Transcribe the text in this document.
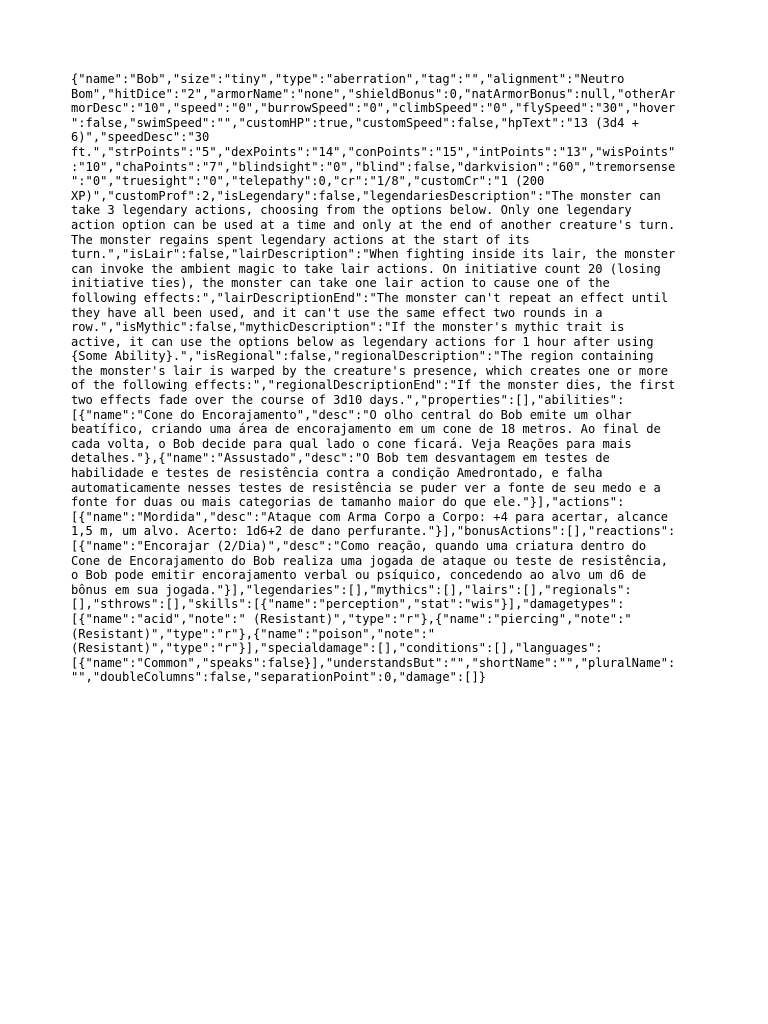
{"name":"Bob","size":"tiny","type":"aberration","tag":"","alignment":"Neutro
Bom","hitDice":"2","armorName":"none","shieldBonus":0,"natArmorBonus":null,"otherAr
morDesc":"10","speed":"0","burrowSpeed":"0","climbSpeed":"0","flySpeed":"30","hover
":false,"swimSpeed":"","customHP":true,"customSpeed":false,"hpText":"13 (3d4 +
6)","speedDesc":"30
ft.","strPoints":"5","dexPoints":"14","conPoints":"15","intPoints":"13","wisPoints"
:"10","chaPoints":"7","blindsight":"0","blind":false,"darkvision":"60","tremorsense
":"0","truesight":"0","telepathy":0,"cr":"1/8","customCr":"1 (200
XP)","customProf":2,"isLegendary":false,"legendariesDescription":"The monster can
take 3 legendary actions, choosing from the options below. Only one legendary
action option can be used at a time and only at the end of another creature's turn.
The monster regains spent legendary actions at the start of its
turn.","isLair":false,"lairDescription":"When fighting inside its lair, the monster
can invoke the ambient magic to take lair actions. On initiative count 20 (losing
initiative ties), the monster can take one lair action to cause one of the
following effects:","lairDescriptionEnd":"The monster can't repeat an effect until
they have all been used, and it can't use the same effect two rounds in a
row.","isMythic":false,"mythicDescription":"If the monster's mythic trait is
active, it can use the options below as legendary actions for 1 hour after using
{Some Ability}.","isRegional":false,"regionalDescription":"The region containing
the monster's lair is warped by the creature's presence, which creates one or more
of the following effects:","regionalDescriptionEnd":"If the monster dies, the first
two effects fade over the course of 3d10 days.","properties":[],"abilities":
[{"name":"Cone do Encorajamento","desc":"O olho central do Bob emite um olhar
beatífico, criando uma área de encorajamento em um cone de 18 metros. Ao final de
cada volta, o Bob decide para qual lado o cone ficará. Veja Reações para mais
detalhes."},{"name":"Assustado","desc":"O Bob tem desvantagem em testes de
habilidade e testes de resistência contra a condição Amedrontado, e falha
automaticamente nesses testes de resistência se puder ver a fonte de seu medo e a
fonte for duas ou mais categorias de tamanho maior do que ele."}],"actions":
[{"name":"Mordida","desc":"Ataque com Arma Corpo a Corpo: +4 para acertar, alcance
1,5 m, um alvo. Acerto: 1d6+2 de dano perfurante."}],"bonusActions":[],"reactions":
[{"name":"Encorajar (2/Dia)","desc":"Como reação, quando uma criatura dentro do
Cone de Encorajamento do Bob realiza uma jogada de ataque ou teste de resistência,
o Bob pode emitir encorajamento verbal ou psíquico, concedendo ao alvo um d6 de
bônus em sua jogada."}],"legendaries":[],"mythics":[],"lairs":[],"regionals":
[],"sthrows":[],"skills":[{"name":"perception","stat":"wis"}],"damagetypes":
[{"name":"acid","note":" (Resistant)","type":"r"},{"name":"piercing","note":"
(Resistant)","type":"r"},{"name":"poison","note":"
(Resistant)","type":"r"}],"specialdamage":[],"conditions":[],"languages":
[{"name":"Common","speaks":false}],"understandsBut":"","shortName":"","pluralName":
"","doubleColumns":false,"separationPoint":0,"damage":[]}
